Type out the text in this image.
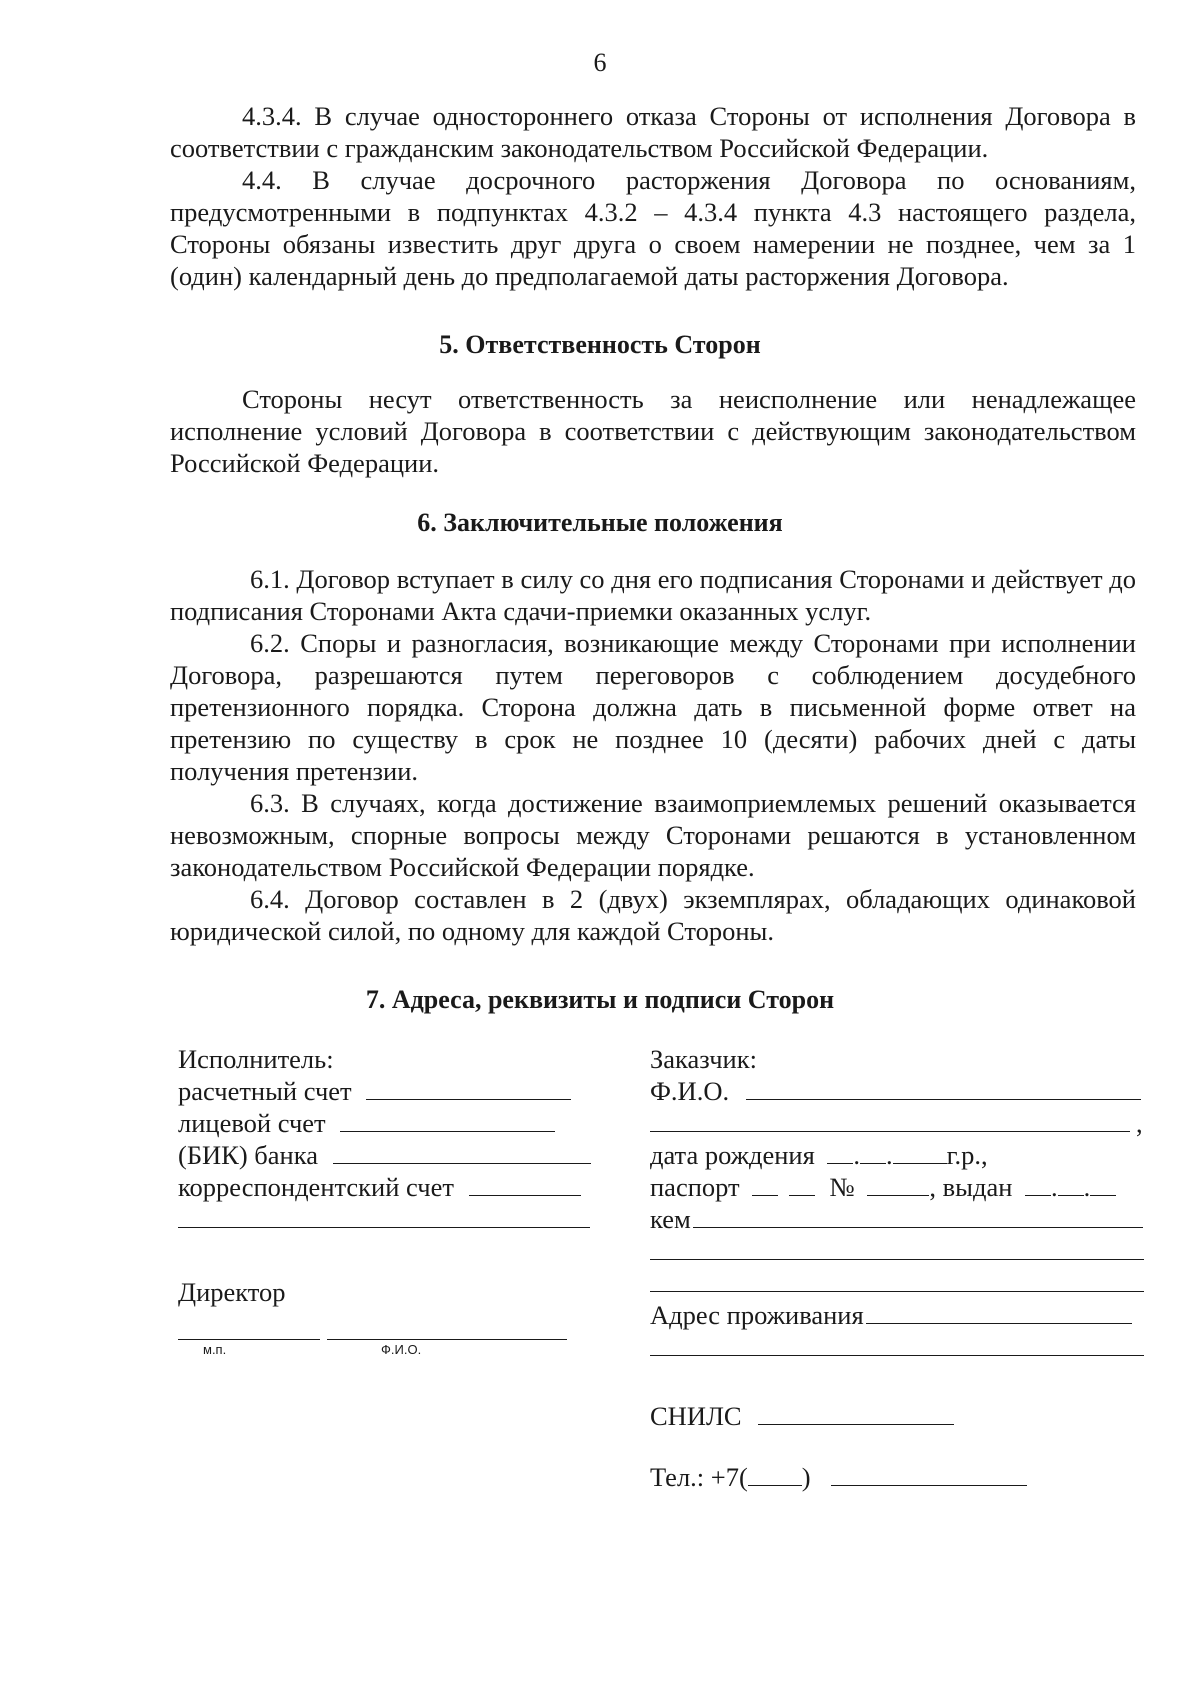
6

4.3.4. В случае одностороннего отказа Стороны от исполнения Договора в соответствии с гражданским законодательством Российской Федерации.

4.4. В случае досрочного расторжения Договора по основаниям, предусмотренными в подпунктах 4.3.2 – 4.3.4 пункта 4.3 настоящего раздела, Стороны обязаны известить друг друга о своем намерении не позднее, чем за 1 (один) календарный день до предполагаемой даты расторжения Договора.

5. Ответственность Сторон

Стороны несут ответственность за неисполнение или ненадлежащее исполнение условий Договора в соответствии с действующим законодательством Российской Федерации.

6. Заключительные положения

6.1. Договор вступает в силу со дня его подписания Сторонами и действует до подписания Сторонами Акта сдачи-приемки оказанных услуг.

6.2. Споры и разногласия, возникающие между Сторонами при исполнении Договора, разрешаются путем переговоров с соблюдением досудебного претензионного порядка. Сторона должна дать в письменной форме ответ на претензию по существу в срок не позднее 10 (десяти) рабочих дней с даты получения претензии.

6.3. В случаях, когда достижение взаимоприемлемых решений оказывается невозможным, спорные вопросы между Сторонами решаются в установленном законодательством Российской Федерации порядке.

6.4. Договор составлен в 2 (двух) экземплярах, обладающих одинаковой юридической силой, по одному для каждой Стороны.

7. Адреса, реквизиты и подписи Сторон
Исполнитель:
расчетный счет
лицевой счет
(БИК) банка
корреспондентский счет
Директор
м.п.	Ф.И.О.
Заказчик:
Ф.И.О.
,
дата рождения . . г.р.,
паспорт	№	, выдан . .
кем
Адрес проживания
СНИЛС
Тел.: +7( )
